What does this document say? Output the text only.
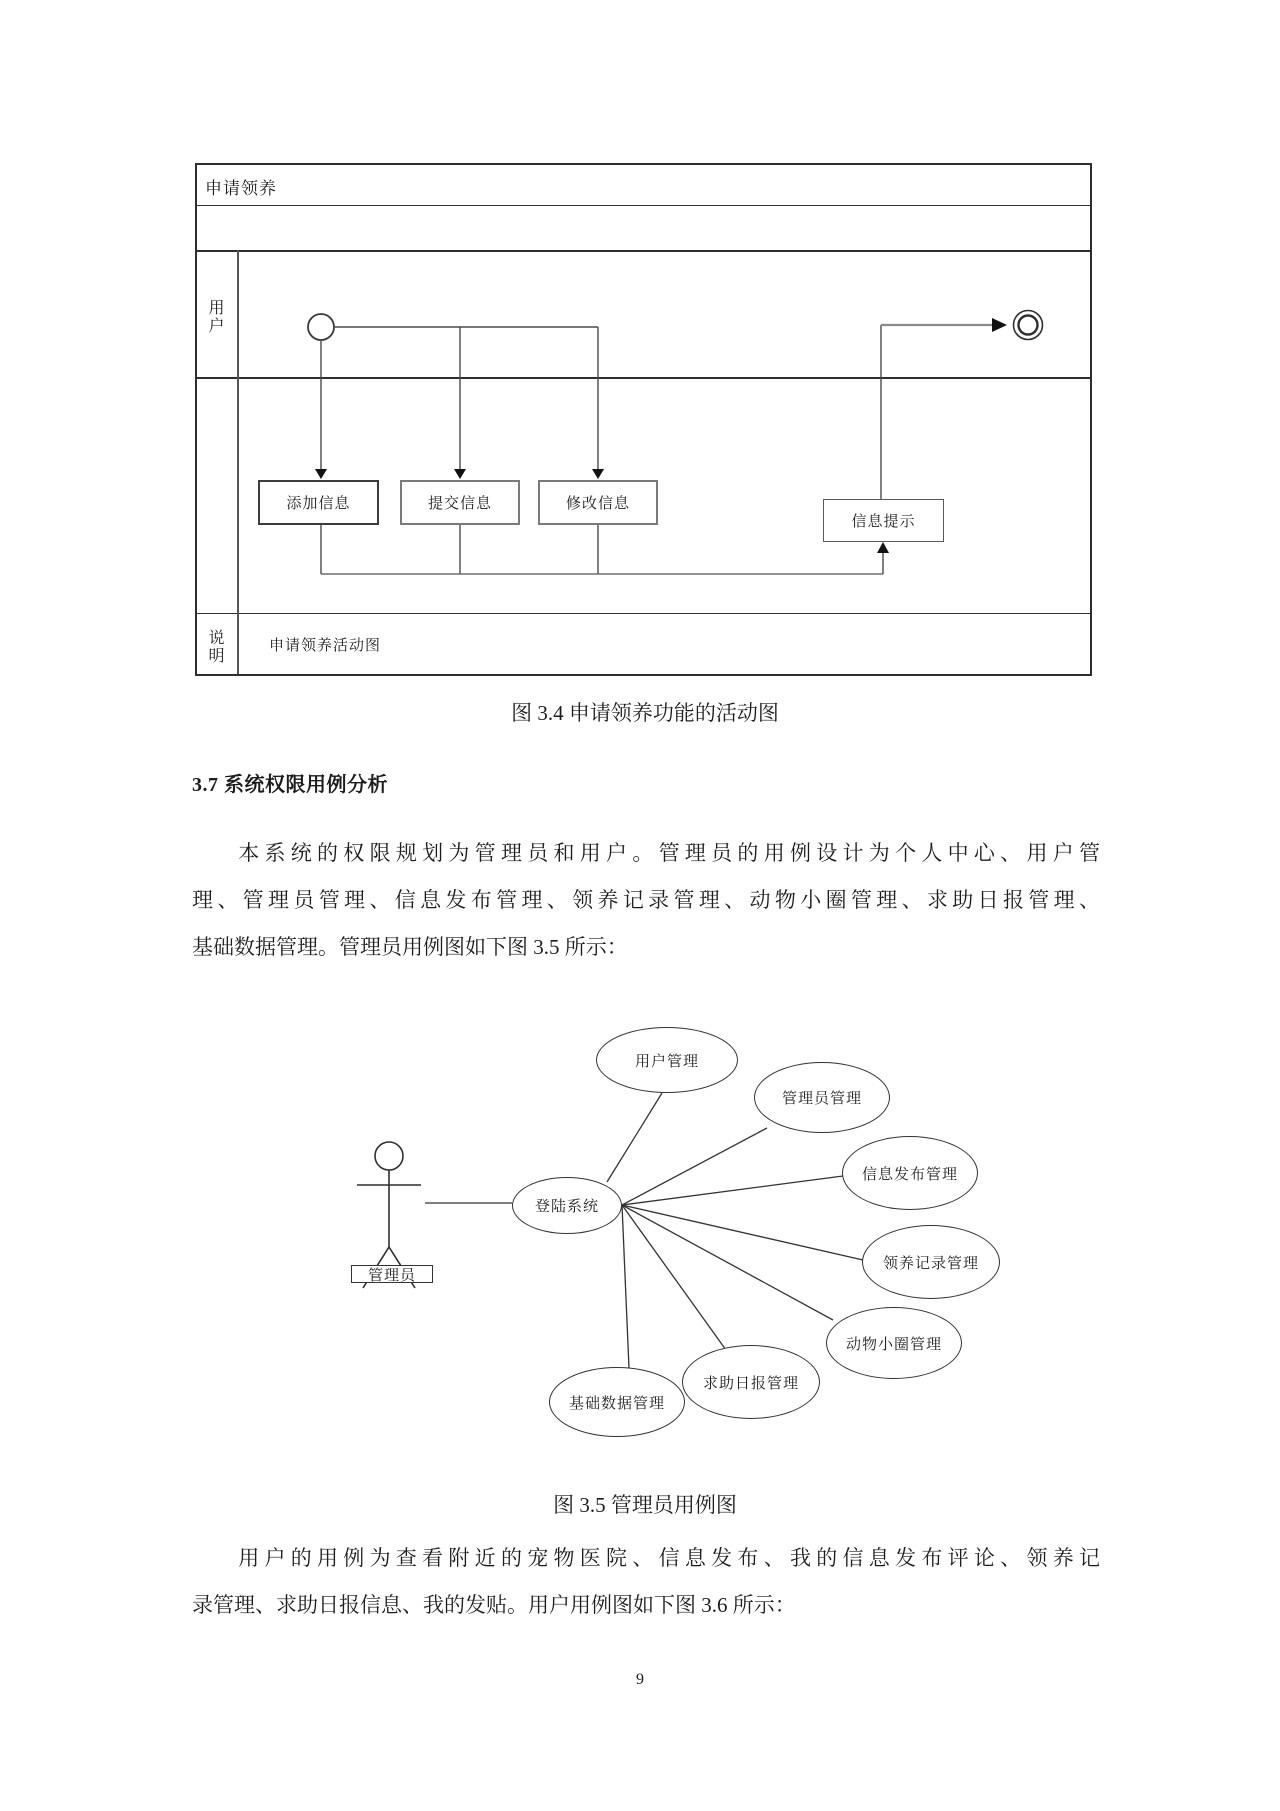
申请领养
用户
说明	申请领养活动图
添加信息	提交信息	修改信息
信息提示
图 3.4 申请领养功能的活动图
3.7 系统权限用例分析
本系统的权限规划为管理员和用户。管理员的用例设计为个人中心、用户管
理、管理员管理、信息发布管理、领养记录管理、动物小圈管理、求助日报管理、
基础数据管理。管理员用例图如下图 3.5 所示：
管理员
登陆系统
用户管理
管理员管理
信息发布管理
领养记录管理
动物小圈管理
求助日报管理
基础数据管理
图 3.5 管理员用例图
用户的用例为查看附近的宠物医院、信息发布、我的信息发布评论、领养记
录管理、求助日报信息、我的发贴。用户用例图如下图 3.6 所示：
9
